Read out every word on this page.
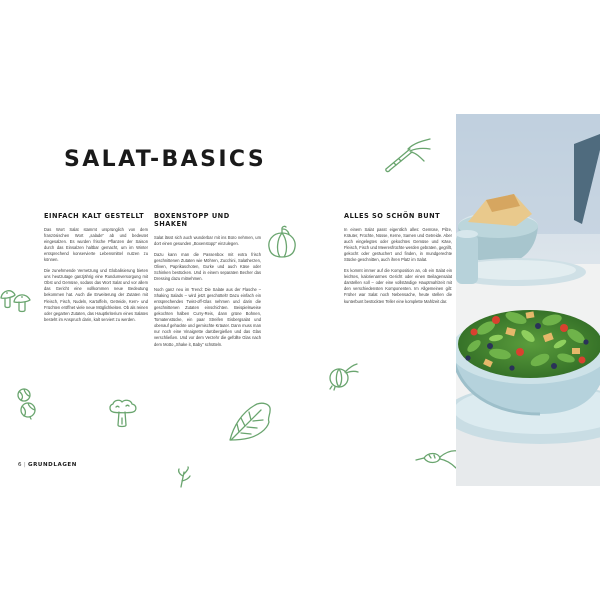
SALAT-BASICS
EINFACH KALT GESTELLT

Das Wort Salat stammt ursprünglich von dem französischen Wort „salade“ ab und bedeutet eingesalzen. Es wurden frische Pflanzen der Saison durch das Einsalzen haltbar gemacht, um im Winter entsprechend konservierte Lebensmittel nutzen zu können.

Die zunehmende Vernetzung und Globalisierung bieten uns heutzutage ganzjährig eine Rundumversorgung mit Obst und Gemüse, sodass das Wort Salat und vor allem das Gericht eine vollkommen neue Bedeutung bekommen hat. Auch die Erweiterung der Zutaten mit Fleisch, Fisch, Nudeln, Kartoffeln, Getreide, Kern- und Früchten eröffnet viele neue Möglichkeiten. Ob als reinen oder gegarten Zutaten, das Hauptkriterium eines Salates besteht im Anspruch darin, kalt serviert zu werden.

BOXENSTOPP UND SHAKEN

Salat lässt sich auch wunderbar mit ins Büro nehmen, um dort einen gesunden „Boxenstopp“ einzulegen.

Dazu kann man die Passenbox mit extra frisch geschnittenen Zutaten wie Möhren, Zucchini, Salatherzen, Oliven, Paprikaschoten, Gurke und auch Käse oder Schinken bestücken. Und in einem separaten Becher das Dressing dazu mitnehmen.

Noch ganz neu im Trend: Die Salate aus der Flasche – Shaking Salads – wird jetzt geschüttelt! Dazu einfach ein entsprechendes Twist-off-Glas nehmen und darin die geschnittenen Zutaten einschichten. Beispielsweise gekochten halben Curry-Reis, dann grüne Bohnen, Tomatenstücke, ein paar Streifen Eisbergsalat und obenauf gehackte und gemischte Kräuter. Dann muss man nur noch eine Vinaigrette darübergießen und das Glas verschließen. Und vor dem Verzehr die gefüllte Glas nach dem Motto „Shake it, Baby“ schütteln.

ALLES SO SCHÖN BUNT

In einem Salat passt eigentlich alles: Gemüse, Pilze, Kräuter, Früchte, Nüsse, Kerne, Samen und Getreide. Aber auch eingelegtes oder gekochtes Gemüse und Käse, Fleisch, Fisch und Meeresfrüchte werden gebraten, gegrillt, gekocht oder geräuchert und finden, in mundgerechte Stücke geschnitten, auch ihren Platz im Salat.

Es kommt immer auf die Komposition an, ob ein Salat ein leichtes, kalorienarmes Gericht oder einen Beilagensalat darstellen soll – oder eine vollständige Hauptmahlzeit mit den verschiedensten Komponenten. Im Allgemeinen gilt: Früher war Salat noch Nebensache, heute stellen die kunterbunt bestückten Teller eine komplette Mahlzeit dar.

6 | GRUNDLAGEN
